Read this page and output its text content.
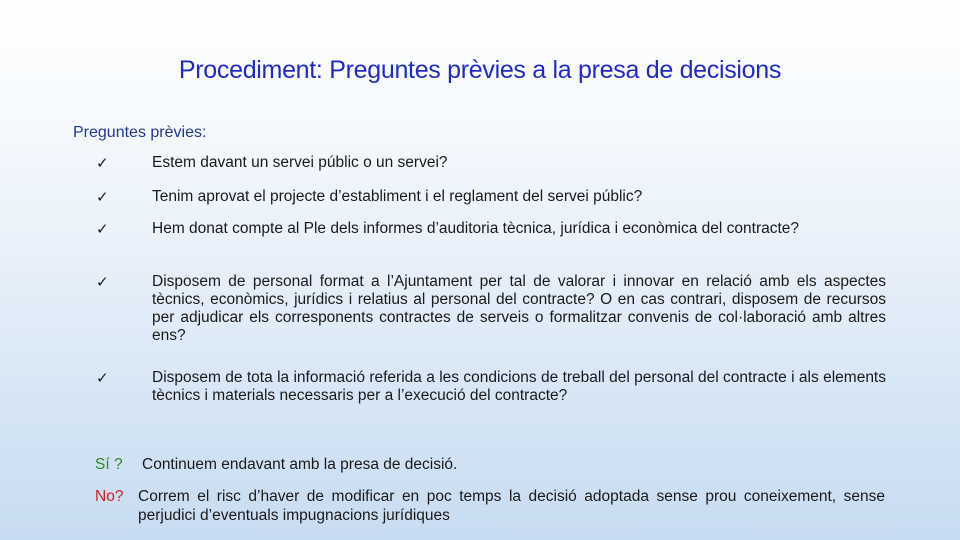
Procediment: Preguntes prèvies a la presa de decisions
Preguntes prèvies:
✓	Estem davant un servei públic o un servei?
✓	Tenim aprovat el projecte d’establiment i el reglament del servei públic?
✓	Hem donat compte al Ple dels informes d’auditoria tècnica, jurídica i econòmica del contracte?
✓	Disposem de personal format a l’Ajuntament per tal de valorar i innovar en relació amb els aspectes tècnics, econòmics, jurídics i relatius al personal del contracte? O en cas contrari, disposem de recursos per adjudicar els corresponents contractes de serveis o formalitzar convenis de col·laboració amb altres ens?
✓	Disposem de tota la informació referida a les condicions de treball del personal del contracte i als elements tècnics i materials necessaris per a l’execució del contracte?
Sí ? Continuem endavant amb la presa de decisió.
No? Correm el risc d’haver de modificar en poc temps la decisió adoptada sense prou coneixement, sense perjudici d’eventuals impugnacions jurídiques
